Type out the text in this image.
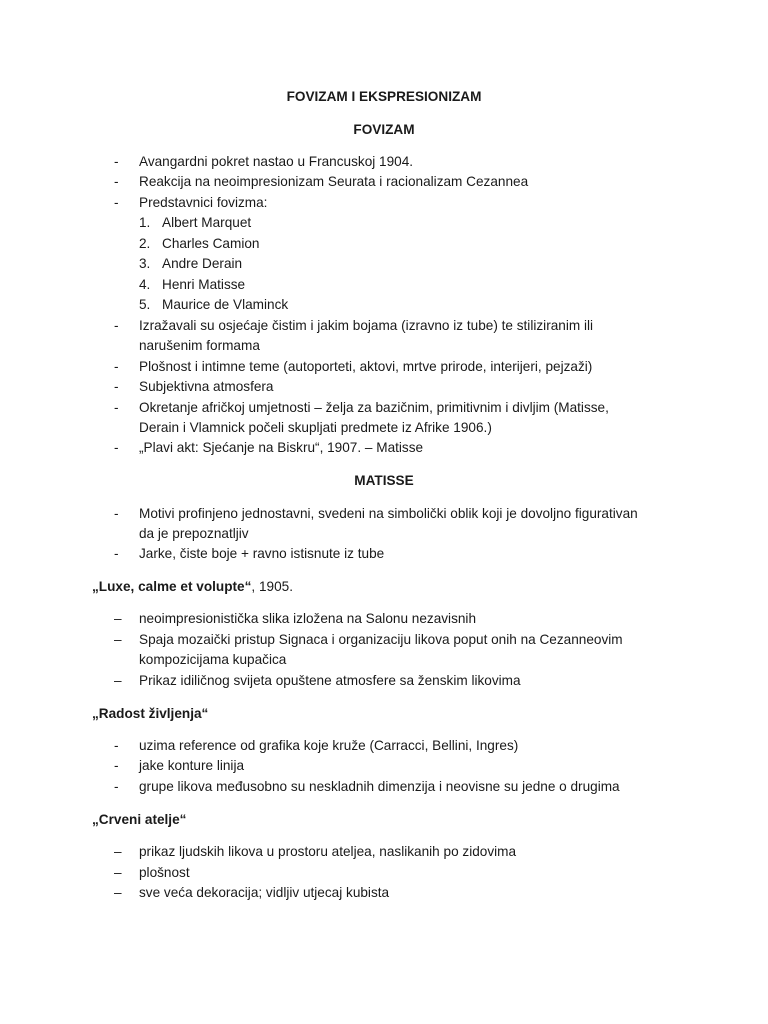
FOVIZAM I EKSPRESIONIZAM
FOVIZAM
- Avangardni pokret nastao u Francuskoj 1904.
- Reakcija na neoimpresionizam Seurata i racionalizam Cezannea
- Predstavnici fovizma:
1. Albert Marquet
2. Charles Camion
3. Andre Derain
4. Henri Matisse
5. Maurice de Vlaminck
- Izražavali su osjećaje čistim i jakim bojama (izravno iz tube) te stiliziranim ili
narušenim formama
- Plošnost i intimne teme (autoporteti, aktovi, mrtve prirode, interijeri, pejzaži)
- Subjektivna atmosfera
- Okretanje afričkoj umjetnosti – želja za bazičnim, primitivnim i divljim (Matisse,
Derain i Vlamnick počeli skupljati predmete iz Afrike 1906.)
- „Plavi akt: Sjećanje na Biskru“, 1907. – Matisse
MATISSE
- Motivi profinjeno jednostavni, svedeni na simbolički oblik koji je dovoljno figurativan
da je prepoznatljiv
- Jarke, čiste boje + ravno istisnute iz tube
„Luxe, calme et volupte“, 1905.
– neoimpresionistička slika izložena na Salonu nezavisnih
– Spaja mozaički pristup Signaca i organizaciju likova poput onih na Cezanneovim
kompozicijama kupačica
– Prikaz idiličnog svijeta opuštene atmosfere sa ženskim likovima
„Radost življenja“
- uzima reference od grafika koje kruže (Carracci, Bellini, Ingres)
- jake konture linija
- grupe likova međusobno su neskladnih dimenzija i neovisne su jedne o drugima
„Crveni atelje“
– prikaz ljudskih likova u prostoru ateljea, naslikanih po zidovima
– plošnost
– sve veća dekoracija; vidljiv utjecaj kubista
